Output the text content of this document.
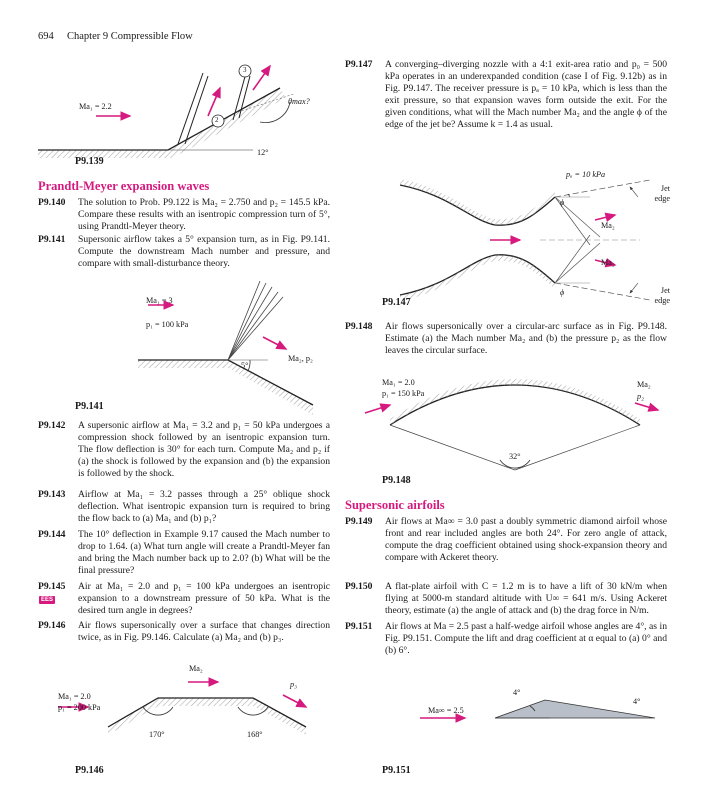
694 Chapter 9 Compressible Flow
Ma₁ = 2.2
θmax?
12°
2
3
P9.139
Prandtl-Meyer expansion waves
P9.140	The solution to Prob. P9.122 is Ma₂ = 2.750 and p₂ = 145.5 kPa. Compare these results with an isentropic compression turn of 5°, using Prandtl-Meyer theory.
P9.141	Supersonic airflow takes a 5° expansion turn, as in Fig. P9.141. Compute the downstream Mach number and pressure, and compare with small-disturbance theory.
Ma₁ = 3
p₁ = 100 kPa
Ma₂, p₂
5°
P9.141
P9.142	A supersonic airflow at Ma₁ = 3.2 and p₁ = 50 kPa undergoes a compression shock followed by an isentropic expansion turn. The flow deflection is 30° for each turn. Compute Ma₂ and p₂ if (a) the shock is followed by the expansion and (b) the expansion is followed by the shock.
P9.143	Airflow at Ma₁ = 3.2 passes through a 25° oblique shock deflection. What isentropic expansion turn is required to bring the flow back to (a) Ma₁ and (b) p₁?
P9.144	The 10° deflection in Example 9.17 caused the Mach number to drop to 1.64. (a) What turn angle will create a Prandtl-Meyer fan and bring the Mach number back up to 2.0? (b) What will be the final pressure?
P9.145	Air at Ma₁ = 2.0 and p₁ = 100 kPa undergoes an isentropic expansion to a downstream pressure of 50 kPa. What is the desired turn angle in degrees?
EES
P9.146	Air flows supersonically over a surface that changes direction twice, as in Fig. P9.146. Calculate (a) Ma₂ and (b) p₃.
Ma₁ = 2.0
p₁ = 200 kPa
Ma₂
p₃
170°	168°
P9.146
P9.147	A converging–diverging nozzle with a 4:1 exit-area ratio and p₀ = 500 kPa operates in an underexpanded condition (case I of Fig. 9.12b) as in Fig. P9.147. The receiver pressure is pₐ = 10 kPa, which is less than the exit pressure, so that expansion waves form outside the exit. For the given conditions, what will the Mach number Ma₂ and the angle ϕ of the edge of the jet be? Assume k = 1.4 as usual.
pₐ = 10 kPa
Jet edge
ϕ
Ma₂
Ma₂
ϕ	Jet edge
P9.147
P9.148	Air flows supersonically over a circular-arc surface as in Fig. P9.148. Estimate (a) the Mach number Ma₂ and (b) the pressure p₂ as the flow leaves the circular surface.
Ma₁ = 2.0
p₁ = 150 kPa
Ma₂
p₂
32°
P9.148
Supersonic airfoils
P9.149	Air flows at Ma∞ = 3.0 past a doubly symmetric diamond airfoil whose front and rear included angles are both 24°. For zero angle of attack, compute the drag coefficient obtained using shock-expansion theory and compare with Ackeret theory.
P9.150	A flat-plate airfoil with C = 1.2 m is to have a lift of 30 kN/m when flying at 5000-m standard altitude with U∞ = 641 m/s. Using Ackeret theory, estimate (a) the angle of attack and (b) the drag force in N/m.
P9.151	Air flows at Ma = 2.5 past a half-wedge airfoil whose angles are 4°, as in Fig. P9.151. Compute the lift and drag coefficient at α equal to (a) 0° and (b) 6°.
Ma∞ = 2.5
4°
4°
P9.151
